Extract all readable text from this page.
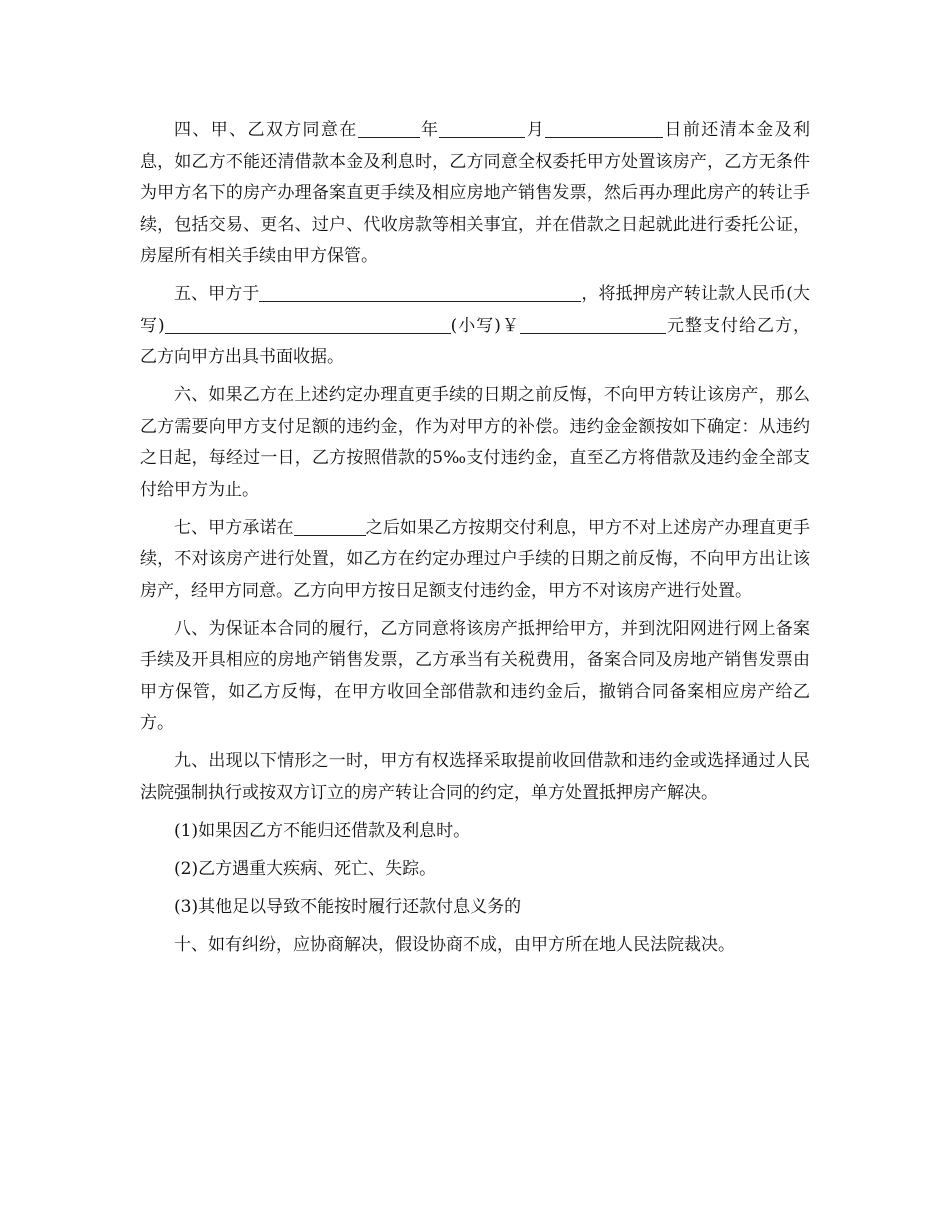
四、甲、乙双方同意在	年	月	日前还清本金及利息，如乙方不能还清借款本金及利息时，乙方同意全权委托甲方处置该房产，乙方无条件为甲方名下的房产办理备案直更手续及相应房地产销售发票，然后再办理此房产的转让手续，包括交易、更名、过户、代收房款等相关事宜，并在借款之日起就此进行委托公证，房屋所有相关手续由甲方保管。

五、甲方于	，将抵押房产转让款人民币(大写)	(小写)￥	元整支付给乙方，乙方向甲方出具书面收据。

六、如果乙方在上述约定办理直更手续的日期之前反悔，不向甲方转让该房产，那么乙方需要向甲方支付足额的违约金，作为对甲方的补偿。违约金金额按如下确定：从违约之日起，每经过一日，乙方按照借款的5‰支付违约金，直至乙方将借款及违约金全部支付给甲方为止。

七、甲方承诺在	之后如果乙方按期交付利息，甲方不对上述房产办理直更手续，不对该房产进行处置，如乙方在约定办理过户手续的日期之前反悔，不向甲方出让该房产，经甲方同意。乙方向甲方按日足额支付违约金，甲方不对该房产进行处置。

八、为保证本合同的履行，乙方同意将该房产抵押给甲方，并到沈阳网进行网上备案手续及开具相应的房地产销售发票，乙方承当有关税费用，备案合同及房地产销售发票由甲方保管，如乙方反悔，在甲方收回全部借款和违约金后，撤销合同备案相应房产给乙方。

九、出现以下情形之一时，甲方有权选择采取提前收回借款和违约金或选择通过人民法院强制执行或按双方订立的房产转让合同的约定，单方处置抵押房产解决。

(1)如果因乙方不能归还借款及利息时。

(2)乙方遇重大疾病、死亡、失踪。

(3)其他足以导致不能按时履行还款付息义务的

十、如有纠纷，应协商解决，假设协商不成，由甲方所在地人民法院裁决。
